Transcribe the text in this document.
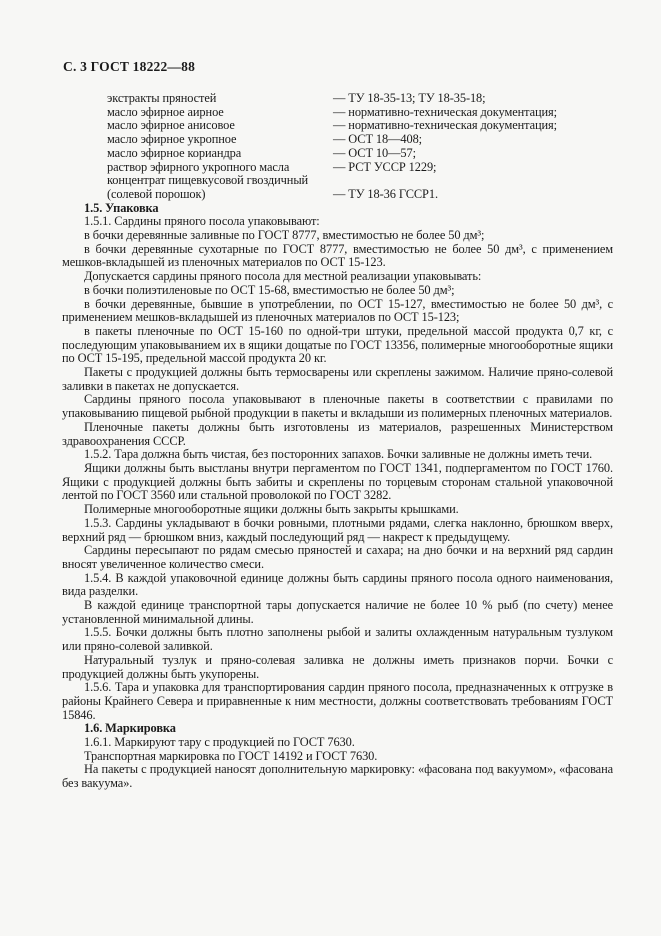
С. 3 ГОСТ 18222—88
экстракты пряностей	— ТУ 18-35-13; ТУ 18-35-18;
масло эфирное аирное	— нормативно-техническая документация;
масло эфирное анисовое	— нормативно-техническая документация;
масло эфирное укропное	— ОСТ 18—408;
масло эфирное кориандра	— ОСТ 10—57;
раствор эфирного укропного масла	— РСТ УССР 1229;
концентрат пищевкусовой гвоздичный
(солевой порошок)	— ТУ 18-36 ГССР1.

1.5. Упаковка

1.5.1. Сардины пряного посола упаковывают:

в бочки деревянные заливные по ГОСТ 8777, вместимостью не более 50 дм³;

в бочки деревянные сухотарные по ГОСТ 8777, вместимостью не более 50 дм³, с применением мешков-вкладышей из пленочных материалов по ОСТ 15-123.

Допускается сардины пряного посола для местной реализации упаковывать:

в бочки полиэтиленовые по ОСТ 15-68, вместимостью не более 50 дм³;

в бочки деревянные, бывшие в употреблении, по ОСТ 15-127, вместимостью не более 50 дм³, с применением мешков-вкладышей из пленочных материалов по ОСТ 15-123;

в пакеты пленочные по ОСТ 15-160 по одной-три штуки, предельной массой продукта 0,7 кг, с последующим упаковыванием их в ящики дощатые по ГОСТ 13356, полимерные многооборотные ящики по ОСТ 15-195, предельной массой продукта 20 кг.

Пакеты с продукцией должны быть термосварены или скреплены зажимом. Наличие пряно-солевой заливки в пакетах не допускается.

Сардины пряного посола упаковывают в пленочные пакеты в соответствии с правилами по упаковыванию пищевой рыбной продукции в пакеты и вкладыши из полимерных пленочных материалов.

Пленочные пакеты должны быть изготовлены из материалов, разрешенных Министерством здравоохранения СССР.

1.5.2. Тара должна быть чистая, без посторонних запахов. Бочки заливные не должны иметь течи.

Ящики должны быть выстланы внутри пергаментом по ГОСТ 1341, подпергаментом по ГОСТ 1760. Ящики с продукцией должны быть забиты и скреплены по торцевым сторонам стальной упаковочной лентой по ГОСТ 3560 или стальной проволокой по ГОСТ 3282.

Полимерные многооборотные ящики должны быть закрыты крышками.

1.5.3. Сардины укладывают в бочки ровными, плотными рядами, слегка наклонно, брюшком вверх, верхний ряд — брюшком вниз, каждый последующий ряд — накрест к предыдущему.

Сардины пересыпают по рядам смесью пряностей и сахара; на дно бочки и на верхний ряд сардин вносят увеличенное количество смеси.

1.5.4. В каждой упаковочной единице должны быть сардины пряного посола одного наименования, вида разделки.

В каждой единице транспортной тары допускается наличие не более 10 % рыб (по счету) менее установленной минимальной длины.

1.5.5. Бочки должны быть плотно заполнены рыбой и залиты охлажденным натуральным тузлуком или пряно-солевой заливкой.

Натуральный тузлук и пряно-солевая заливка не должны иметь признаков порчи. Бочки с продукцией должны быть укупорены.

1.5.6. Тара и упаковка для транспортирования сардин пряного посола, предназначенных к отгрузке в районы Крайнего Севера и приравненные к ним местности, должны соответствовать требованиям ГОСТ 15846.

1.6. Маркировка

1.6.1. Маркируют тару с продукцией по ГОСТ 7630.

Транспортная маркировка по ГОСТ 14192 и ГОСТ 7630.

На пакеты с продукцией наносят дополнительную маркировку: «фасована под вакуумом», «фасована без вакуума».
